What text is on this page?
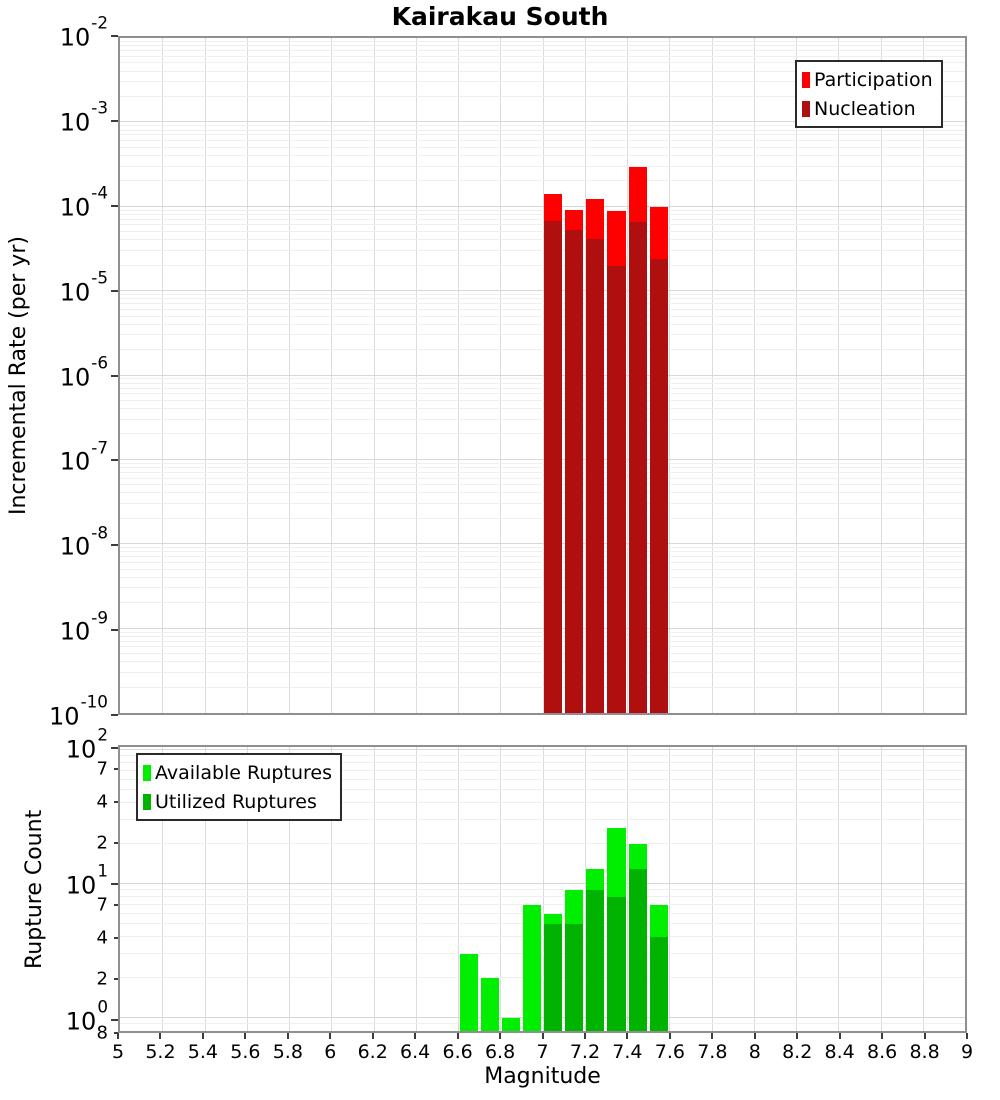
Kairakau South
Incremental Rate (per yr)
Rupture Count
$10^{-2}$
$10^{-3}$
$10^{-4}$
$10^{-5}$
$10^{-6}$
$10^{-7}$
$10^{-8}$
$10^{-9}$
$10^{-10}$
$10^2$
$10^1$
$10^0$
7
4
2
7
4
2
8
5 5.2 5.4 5.6 5.8 6 6.2 6.4 6.6 6.8 7 7.2 7.4 7.6 7.8 8 8.2 8.4 8.6 8.8 9
Magnitude
Participation
Nucleation
Available Ruptures
Utilized Ruptures
